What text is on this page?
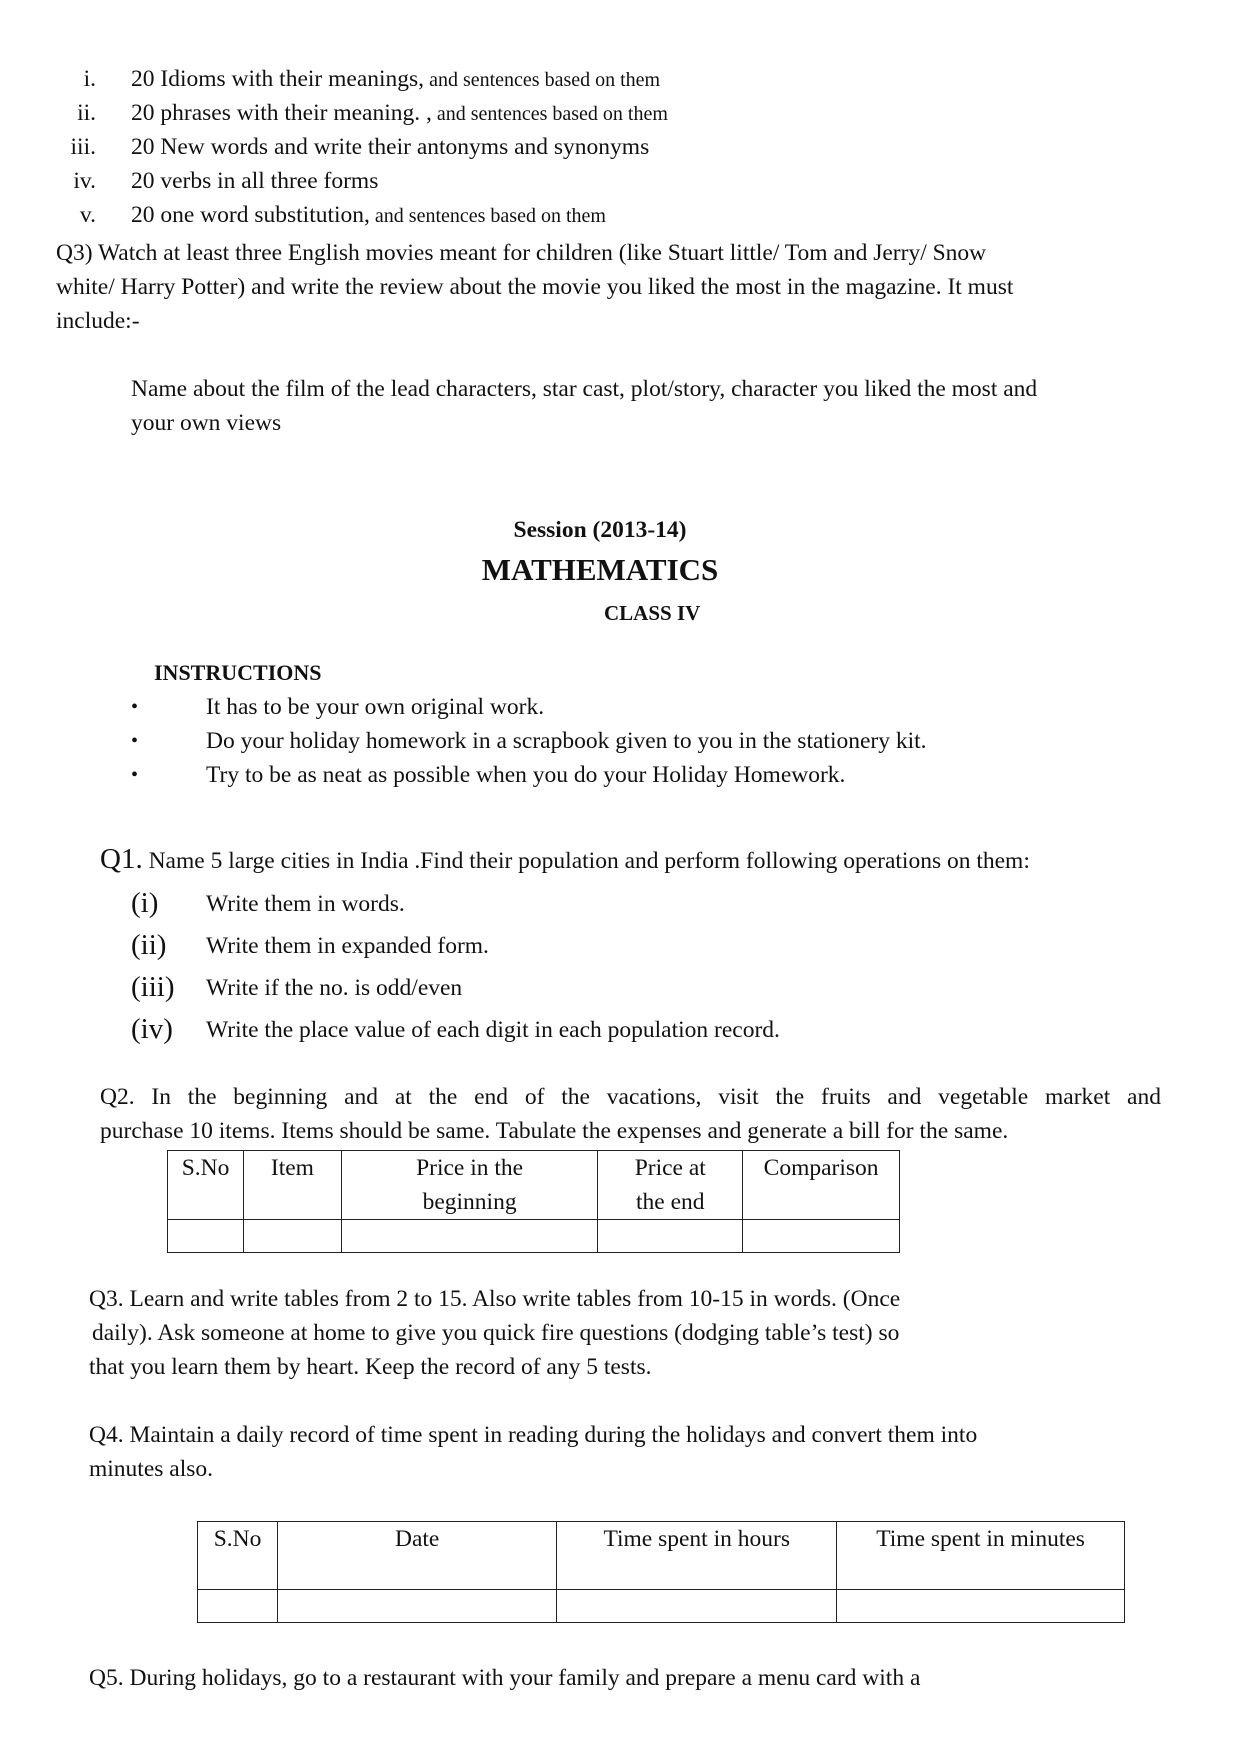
i. 20 Idioms with their meanings, and sentences based on them
ii. 20 phrases with their meaning. , and sentences based on them
iii. 20 New words and write their antonyms and synonyms
iv. 20 verbs in all three forms
v. 20 one word substitution, and sentences based on them
Q3) Watch at least three English movies meant for children (like Stuart little/ Tom and Jerry/ Snow
white/ Harry Potter) and write the review about the movie you liked the most in the magazine. It must
include:-
Name about the film of the lead characters, star cast, plot/story, character you liked the most and
your own views
Session (2013-14)
MATHEMATICS
CLASS IV
INSTRUCTIONS
•	It has to be your own original work.
•	Do your holiday homework in a scrapbook given to you in the stationery kit.
•	Try to be as neat as possible when you do your Holiday Homework.
Q1. Name 5 large cities in India .Find their population and perform following operations on them:
(i) Write them in words.
(ii) Write them in expanded form.
(iii) Write if the no. is odd/even
(iv) Write the place value of each digit in each population record.
Q2. In the beginning and at the end of the vacations, visit the fruits and vegetable market and
purchase 10 items. Items should be same. Tabulate the expenses and generate a bill for the same.
S.No	Item	Price in the beginning	Price at the end	Comparison

Q3. Learn and write tables from 2 to 15. Also write tables from 10-15 in words. (Once
daily). Ask someone at home to give you quick fire questions (dodging table’s test) so
that you learn them by heart. Keep the record of any 5 tests.
Q4. Maintain a daily record of time spent in reading during the holidays and convert them into
minutes also.
S.No	Date	Time spent in hours	Time spent in minutes

Q5. During holidays, go to a restaurant with your family and prepare a menu card with a
